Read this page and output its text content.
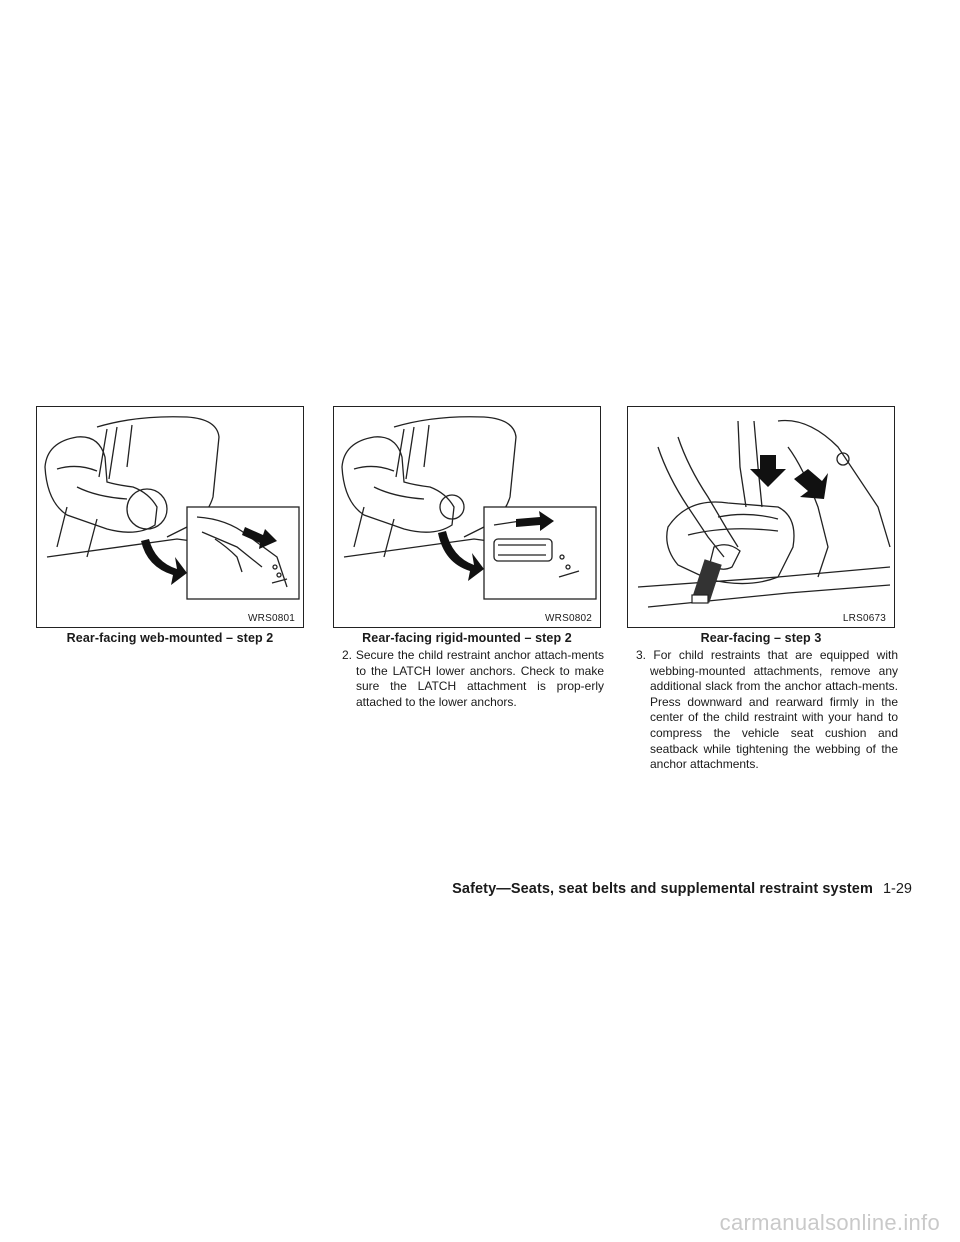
WRS0801
Rear-facing web-mounted – step 2
WRS0802
Rear-facing rigid-mounted – step 2
LRS0673
Rear-facing – step 3
2. Secure the child restraint anchor attach-ments to the LATCH lower anchors. Check to make sure the LATCH attachment is prop-erly attached to the lower anchors.
3. For child restraints that are equipped with webbing-mounted attachments, remove any additional slack from the anchor attach-ments. Press downward and rearward firmly in the center of the child restraint with your hand to compress the vehicle seat cushion and seatback while tightening the webbing of the anchor attachments.
Safety—Seats, seat belts and supplemental restraint system 1-29
carmanualsonline.info
